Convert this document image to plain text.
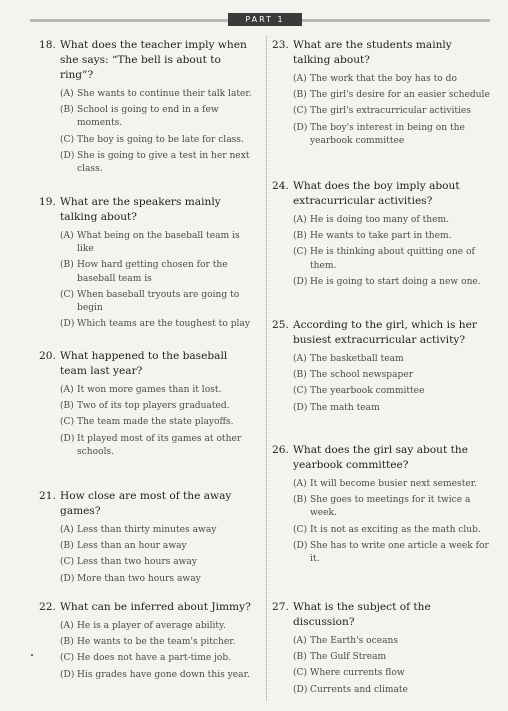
PART 1
18. What does the teacher imply when she says: “The bell is about to ring”?
(A) She wants to continue their talk later.
(B) School is going to end in a few moments.
(C) The boy is going to be late for class.
(D) She is going to give a test in her next class.
19. What are the speakers mainly talking about?
(A) What being on the baseball team is like
(B) How hard getting chosen for the baseball team is
(C) When baseball tryouts are going to begin
(D) Which teams are the toughest to play
20. What happened to the baseball team last year?
(A) It won more games than it lost.
(B) Two of its top players graduated.
(C) The team made the state playoffs.
(D) It played most of its games at other schools.
21. How close are most of the away games?
(A) Less than thirty minutes away
(B) Less than an hour away
(C) Less than two hours away
(D) More than two hours away
22. What can be inferred about Jimmy?
(A) He is a player of average ability.
(B) He wants to be the team's pitcher.
(C) He does not have a part-time job.
(D) His grades have gone down this year.
23. What are the students mainly talking about?
(A) The work that the boy has to do
(B) The girl's desire for an easier schedule
(C) The girl's extracurricular activities
(D) The boy's interest in being on the yearbook committee
24. What does the boy imply about extracurricular activities?
(A) He is doing too many of them.
(B) He wants to take part in them.
(C) He is thinking about quitting one of them.
(D) He is going to start doing a new one.
25. According to the girl, which is her busiest extracurricular activity?
(A) The basketball team
(B) The school newspaper
(C) The yearbook committee
(D) The math team
26. What does the girl say about the yearbook committee?
(A) It will become busier next semester.
(B) She goes to meetings for it twice a week.
(C) It is not as exciting as the math club.
(D) She has to write one article a week for it.
27. What is the subject of the discussion?
(A) The Earth's oceans
(B) The Gulf Stream
(C) Where currents flow
(D) Currents and climate
